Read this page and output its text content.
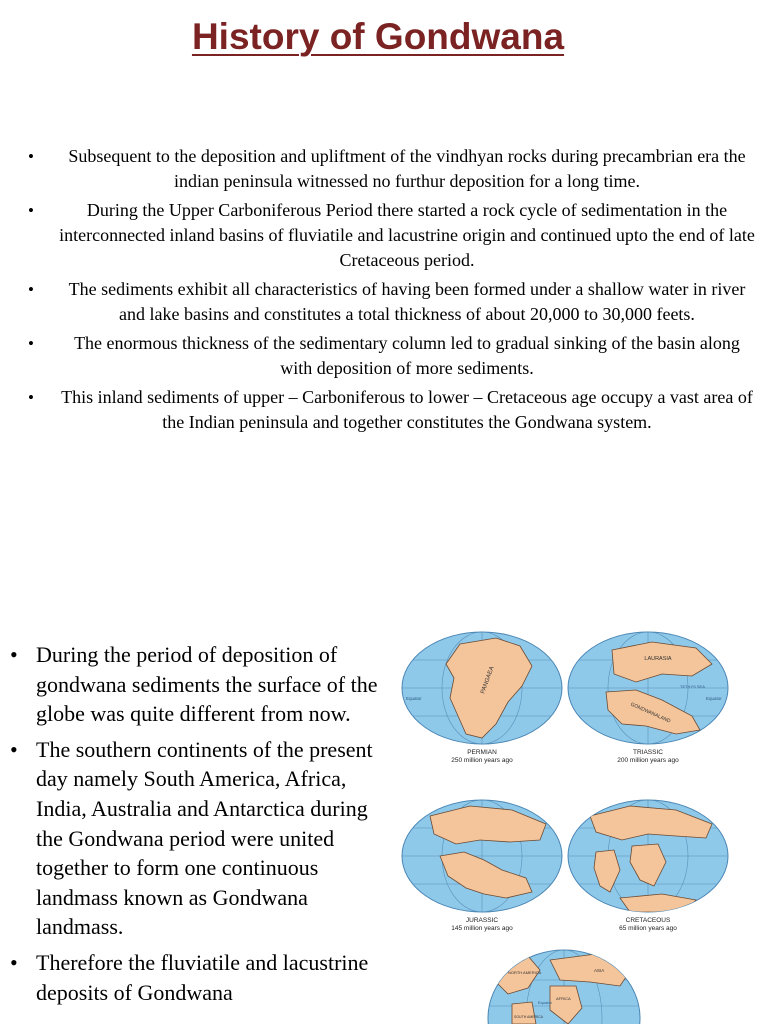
History of Gondwana
•	Subsequent to the deposition and upliftment of the vindhyan rocks during precambrian era the indian peninsula witnessed no furthur deposition for a long time.
•	During the Upper Carboniferous Period there started a rock cycle of sedimentation in the interconnected inland basins of fluviatile and lacustrine origin and continued upto the end of late Cretaceous period.
•	The sediments exhibit all characteristics of having been formed under a shallow water in river and lake basins and constitutes a total thickness of about 20,000 to 30,000 feets.
•	The enormous thickness of the sedimentary column led to gradual sinking of the basin along with deposition of more sediments.
•	This inland sediments of upper – Carboniferous to lower – Cretaceous age occupy a vast area of the Indian peninsula and together constitutes the Gondwana system.
• During the period of deposition of gondwana sediments the surface of the globe was quite different from now.
• The southern continents of the present day namely South America, Africa, India, Australia and Antarctica during the Gondwana period were united together to form one continuous landmass known as Gondwana landmass.
• Therefore the fluviatile and lacustrine deposits of Gondwana
PANGAEA
Equator
PERMIAN
250 million years ago
LAURASIA
GONDWANALAND
TETHYS SEA
Equator
TRIASSIC
200 million years ago
JURASSIC
145 million years ago
CRETACEOUS
65 million years ago
NORTH AMERICA	ASIA
AFRICA
SOUTH AMERICA
Equator
